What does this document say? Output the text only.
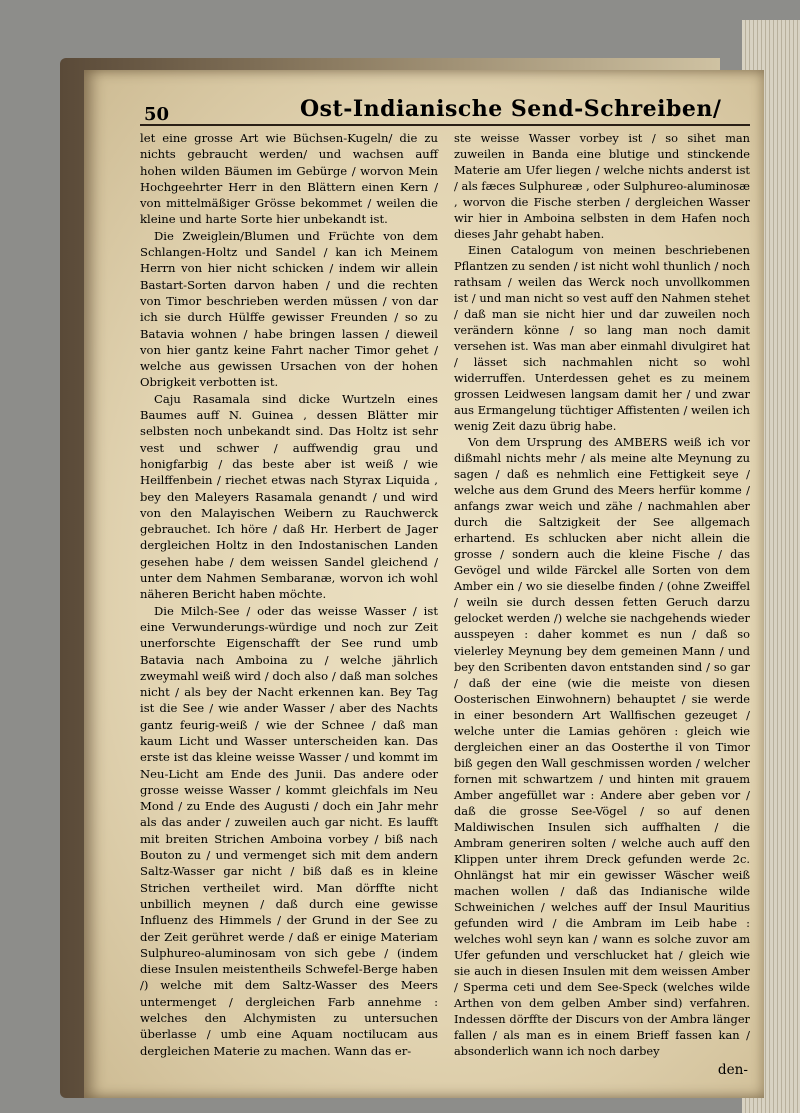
50	Ost-Indianische Send-Schreiben/

let eine grosse Art wie Büchsen-Kugeln/ die zu nichts gebraucht werden/ und wachsen auff hohen wilden Bäumen im Gebürge / worvon Mein Hochgeehrter Herr in den Blättern einen Kern / von mittelmäßiger Grösse bekommet / weilen die kleine und harte Sorte hier unbekandt ist.

Die Zweiglein/Blumen und Früchte von dem Schlangen-Holtz und Sandel / kan ich Meinem Herrn von hier nicht schicken / indem wir allein Bastart-Sorten darvon haben / und die rechten von Timor beschrieben werden müssen / von dar ich sie durch Hülffe gewisser Freunden / so zu Batavia wohnen / habe bringen lassen / dieweil von hier gantz keine Fahrt nacher Timor gehet / welche aus gewissen Ursachen von der hohen Obrigkeit verbotten ist.

Caju Rasamala sind dicke Wurtzeln eines Baumes auff N. Guinea , dessen Blätter mir selbsten noch unbekandt sind. Das Holtz ist sehr vest und schwer / auffwendig grau und honigfarbig / das beste aber ist weiß / wie Heilffenbein / riechet etwas nach Styrax Liquida , bey den Maleyers Rasamala genandt / und wird von den Malayischen Weibern zu Rauchwerck gebrauchet. Ich höre / daß Hr. Herbert de Jager dergleichen Holtz in den Indostanischen Landen gesehen habe / dem weissen Sandel gleichend / unter dem Nahmen Sembaranæ, worvon ich wohl näheren Bericht haben möchte.

Die Milch-See / oder das weisse Wasser / ist eine Verwunderungs-würdige und noch zur Zeit unerforschte Eigenschafft der See rund umb Batavia nach Amboina zu / welche jährlich zweymahl weiß wird / doch also / daß man solches nicht / als bey der Nacht erkennen kan. Bey Tag ist die See / wie ander Wasser / aber des Nachts gantz feurig-weiß / wie der Schnee / daß man kaum Licht und Wasser unterscheiden kan. Das erste ist das kleine weisse Wasser / und kommt im Neu-Licht am Ende des Junii. Das andere oder grosse weisse Wasser / kommt gleichfals im Neu Mond / zu Ende des Augusti / doch ein Jahr mehr als das ander / zuweilen auch gar nicht. Es laufft mit breiten Strichen Amboina vorbey / biß nach Bouton zu / und vermenget sich mit dem andern Saltz-Wasser gar nicht / biß daß es in kleine Strichen vertheilet wird. Man dörffte nicht unbillich meynen / daß durch eine gewisse Influenz des Himmels / der Grund in der See zu der Zeit gerühret werde / daß er einige Materiam Sulphureo-aluminosam von sich gebe / (indem diese Insulen meistentheils Schwefel-Berge haben /) welche mit dem Saltz-Wasser des Meers untermenget / dergleichen Farb annehme : welches den Alchymisten zu untersuchen überlasse / umb eine Aquam noctilucam aus dergleichen Materie zu machen. Wann das er-

ste weisse Wasser vorbey ist / so sihet man zuweilen in Banda eine blutige und stinckende Materie am Ufer liegen / welche nichts anderst ist / als fæces Sulphureæ , oder Sulphureo-aluminosæ , worvon die Fische sterben / dergleichen Wasser wir hier in Amboina selbsten in dem Hafen noch dieses Jahr gehabt haben.

Einen Catalogum von meinen beschriebenen Pflantzen zu senden / ist nicht wohl thunlich / noch rathsam / weilen das Werck noch unvollkommen ist / und man nicht so vest auff den Nahmen stehet / daß man sie nicht hier und dar zuweilen noch verändern könne / so lang man noch damit versehen ist. Was man aber einmahl divulgiret hat / lässet sich nachmahlen nicht so wohl widerruffen. Unterdessen gehet es zu meinem grossen Leidwesen langsam damit her / und zwar aus Ermangelung tüchtiger Affistenten / weilen ich wenig Zeit dazu übrig habe.

Von dem Ursprung des AMBERS weiß ich vor dißmahl nichts mehr / als meine alte Meynung zu sagen / daß es nehmlich eine Fettigkeit seye / welche aus dem Grund des Meers herfür komme / anfangs zwar weich und zähe / nachmahlen aber durch die Saltzigkeit der See allgemach erhartend. Es schlucken aber nicht allein die grosse / sondern auch die kleine Fische / das Gevögel und wilde Färckel alle Sorten von dem Amber ein / wo sie dieselbe finden / (ohne Zweiffel / weiln sie durch dessen fetten Geruch darzu gelocket werden /) welche sie nachgehends wieder ausspeyen : daher kommet es nun / daß so vielerley Meynung bey dem gemeinen Mann / und bey den Scribenten davon entstanden sind / so gar / daß der eine (wie die meiste von diesen Oosterischen Einwohnern) behauptet / sie werde in einer besondern Art Wallfischen gezeuget / welche unter die Lamias gehören : gleich wie dergleichen einer an das Oosterthe il von Timor biß gegen den Wall geschmissen worden / welcher fornen mit schwartzem / und hinten mit grauem Amber angefüllet war : Andere aber geben vor / daß die grosse See-Vögel / so auf denen Maldiwischen Insulen sich auffhalten / die Ambram generiren solten / welche auch auff den Klippen unter ihrem Dreck gefunden werde 2c. Ohnlängst hat mir ein gewisser Wäscher weiß machen wollen / daß das Indianische wilde Schweinichen / welches auff der Insul Mauritius gefunden wird / die Ambram im Leib habe : welches wohl seyn kan / wann es solche zuvor am Ufer gefunden und verschlucket hat / gleich wie sie auch in diesen Insulen mit dem weissen Amber / Sperma ceti und dem See-Speck (welches wilde Arthen von dem gelben Amber sind) verfahren. Indessen dörffte der Discurs von der Ambra länger fallen / als man es in einem Brieff fassen kan / absonderlich wann ich noch darbey

den-
